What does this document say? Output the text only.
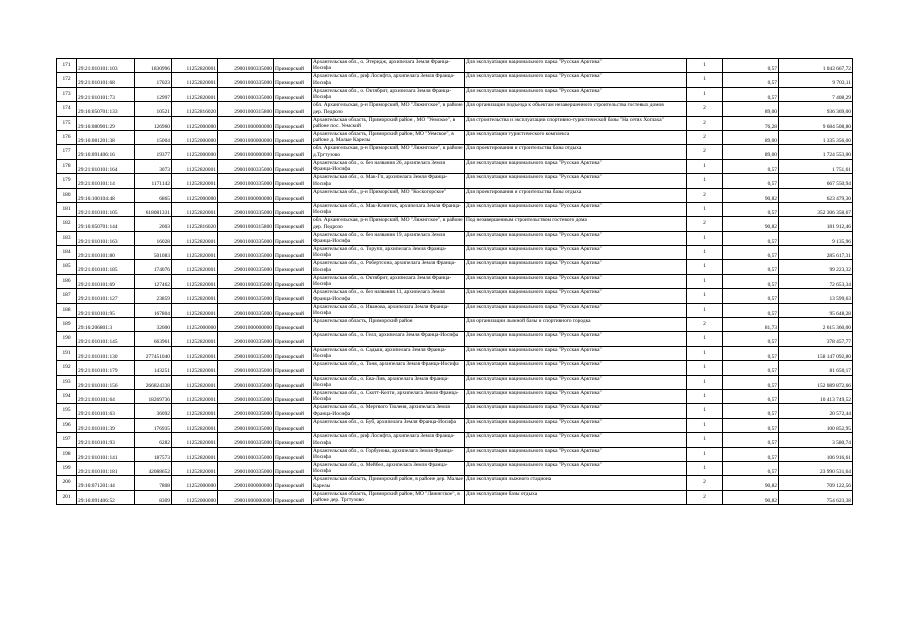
171	29:21:010101:103	1830996	11252820001	29001000335000	Приморский	Архангельская обл., о. Этеридж, архипелага Земля Франца-Иосифа	Для эксплуатации национального парка "Русская Арктика"	1	0,57	1 043 667,72
172	29:21:010101:68	17023	11252820001	29001000335000	Приморский	Архангельская обл., риф Лоснфта, архипелага Земля Франца-Иосифа	Для эксплуатации национального парка "Русская Арктика"	1	0,57	9 703,11
173	29:21:010101:73	12997	11252820001	29001000335000	Приморский	Архангельская обл., о. Октябрит, архипелага Земля Франца-Иосифа	Для эксплуатации национального парка "Русская Арктика"	1	0,57	7 408,29
174	29:16:050701:133	10521	11252816020	29001000315800	Приморский	обл. Архангельская, р-н Приморский, МО "Ляжнгское", в районе дер. Педрозо	Для организации подъезда к объектам незавершенного строительства гостевых домов	2	89,00	936 369,00
175	29:16:080901:29	126960	11252000000	29001000000000	Приморский	Архангельская область, Приморский район , МО "Уемское", в районе пос. Уемский	Для строительства и эксплуатации спортивно-туристической базы "На сетях Хоглаха"	2	76,28	9 684 508,80
176	29:16:081201:38	15004	11252000000	29001000000000	Приморский	Архангельская область, Приморский район, МО "Уемское", в районе д. Малые Карелы	Для эксплуатации туристического комплекса	2	89,00	1 335 356,00
177	29:16:091406:16	19377	11252000000	29001000000000	Приморский	обл. Архангельская, р-н Приморский, МО "Ляжнгское", в районе д.Тргтузово	Для проектирования и строительства базы отдыха	2	89,00	1 724 553,00
178	29:21:010101:164	3073	11252820001	29001000335000	Приморский	Архангельская обл., о. без названия 26, архипелага Земля Франца-Иосифа	Для эксплуатации национального парка "Русская Арктика"	1	0,57	1 751,61
179	29:21:010101:14	1171142	11252820001	29001000335000	Приморский	Архангельская обл., о. Мак-Гп, архипелага Земля Франца-Иосифа	Для эксплуатации национального парка "Русская Арктика"	1	0,57	667 550,94
180	29:16:100104:48	6865	11252000000	29001000000000	Приморский	Архангельская обл., р-н Приморский, МО "Коскогорское"	Для проектирования и строительства базы отдыха	2	90,82	623 479,30
181	29:21:010101:105	618081331	11252820001	29001000335000	Приморский	Архангельская обл., о. Мак-Клинток, архипелага Земля Франца-Иосифа	Для эксплуатации национального парка "Русская Арктика"	1	0,57	352 306 358,67
182	29:16:050701:144	2003	11252816020	29001000315800	Приморский	обл. Архангельская, р-н Приморский, МО "Ляжнгское", в районе дер. Педрозо	Под незавершенным строительством гостевого дома	2	90,82	181 912,46
183	29:21:010101:163	16028	11252820001	29001000335000	Приморский	Архангельская обл., о. без названия 19, архипелага Земля Франца-Иосифа	Для эксплуатации национального парка "Русская Арктика"	1	0,57	9 135,96
184	29:21:010101:80	501083	11252820001	29001000335000	Приморский	Архангельская обл., о. Торупп, архипелага Земля Франца-Иосифа	Для эксплуатации национального парка "Русская Арктика"	1	0,57	285 617,31
185	29:21:010101:185	174076	11252820001	29001000335000	Приморский	Архангельская обл., о. Робертсона, архипелага Земля Франца-Иосифа	Для эксплуатации национального парка "Русская Арктика"	1	0,57	99 223,32
186	29:21:010101:69	127462	11252820001	29001000335000	Приморский	Архангельская обл., о. Октябрит, архипелага Земля Франца-Иосифа	Для эксплуатации национального парка "Русская Арктика"	1	0,57	72 653,34
187	29:21:010101:127	23859	11252820001	29001000335000	Приморский	Архангельская обл., о. без названия 11, архипелага Земля Франца-Иосифа	Для эксплуатации национального парка "Русская Арктика"	1	0,57	13 599,63
188	29:21:010101:95	167804	11252820001	29001000335000	Приморский	Архангельская обл., о. Иванова, архипелага Земля Франца-Иосифа	Для эксплуатации национального парка "Русская Арктика"	1	0,57	95 648,28
189	29:16:206801:3	32000	11252000000	29001000000000	Приморский	Архангельская область, Приморский район	Для организации лыжной базы и спортивного городка	2	81,73	2 615 360,00
190	29:21:010101:145	663961	11252820001	29001000335000	Приморский	Архангельская обл., о. Гелл, архипелага Земля Франца-Иосифа	Для эксплуатации национального парка "Русская Арктика"	1	0,57	378 457,77
191	29:21:010101:130	277451040	11252820001	29001000335000	Приморский	Архангельская обл., о. Садыш, архипелага Земля Франца-Иосифа	Для эксплуатации национального парка "Русская Арктика"	1	0,57	158 147 092,80
192	29:21:010101:179	143251	11252820001	29001000335000	Приморский	Архангельская обл., о. Тоня, архипелага Земля Франца-Иосифа	Для эксплуатации национального парка "Русская Арктика"	1	0,57	81 650,17
193	29:21:010101:156	266824338	11252820001	29001000335000	Приморский	Архангельская обл., о. Ева-Лив, архипелага Земля Франца-Иосифа	Для эксплуатации национального парка "Русская Арктика"	1	0,57	152 089 872,66
194	29:21:010101:64	18269736	11252820001	29001000335000	Приморский	Архангельская обл., о. Скотт-Келти, архипелага Земля Франца-Иосифа	Для эксплуатации национального парка "Русская Арктика"	1	0,57	10 413 749,52
195	29:21:010101:63	36092	11252820001	29001000335000	Приморский	Архангельская обл., о. Мертвого Тюленя, архипелага Земля Франца-Иосифа	Для эксплуатации национального парка "Русская Арктика"	1	0,57	20 572,44
196	29:21:010101:39	176935	11252820001	29001000335000	Приморский	Архангельская обл., о. Буб, архипелага Земля Франца-Иосифа	Для эксплуатации национального парка "Русская Арктика"	1	0,57	100 852,95
197	29:21:010101:93	6282	11252820001	29001000335000	Приморский	Архангельская обл., риф Лоснфта, архипелага Земля Франца-Иосифа	Для эксплуатации национального парка "Русская Арктика"	1	0,57	3 580,74
198	29:21:010101:141	187573	11252820001	29001000335000	Приморский	Архангельская обл., о. Горбунова, архипелага Земля Франца-Иосифа	Для эксплуатации национального парка "Русская Арктика"	1	0,57	106 916,61
199	29:21:010101:181	42088652	11252820001	29001000335000	Приморский	Архангельская обл., о. Мейбел, архипелага Земля Франца-Иосифа	Для эксплуатации национального парка "Русская Арктика"	1	0,57	23 990 531,64
200	29:16:071201:44	7808	11252000000	29001000000000	Приморский	Архангельская область, Приморский район, в районе дер. Малые Карелы	Для эксплуатации лыжного стадиона	2	90,82	709 122,56
201	29:16:091406:52	8309	11252000000	29001000000000	Приморский	Архангельская область, Приморский район, МО "Ляжнгское", в районе дер. Тргтузово	Для эксплуатации базы отдыха	2	90,82	754 623,38
